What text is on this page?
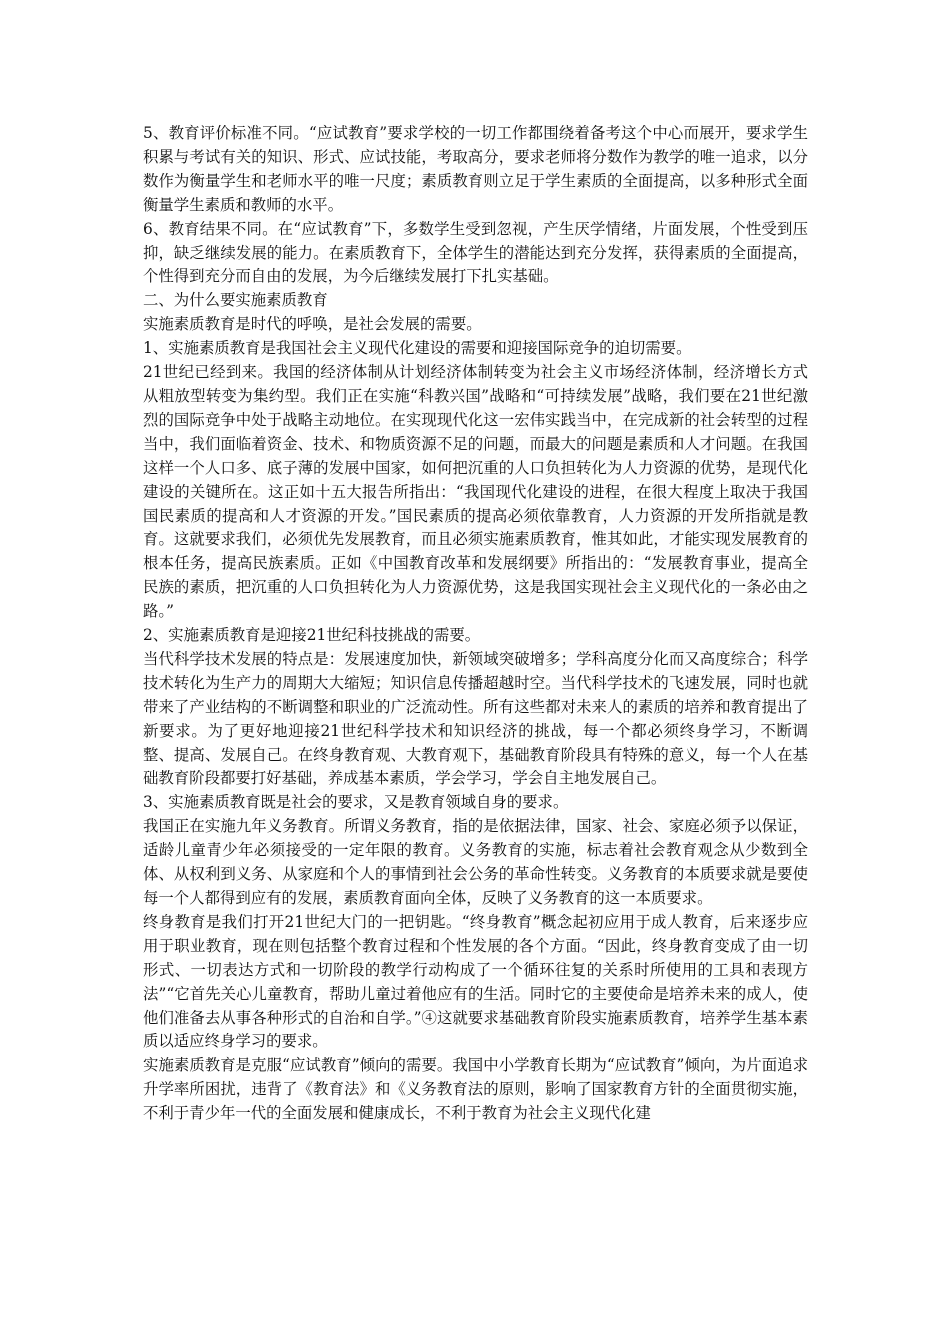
5、教育评价标准不同。“应试教育”要求学校的一切工作都围绕着备考这个中心而展开，要求学生积累与考试有关的知识、形式、应试技能，考取高分，要求老师将分数作为教学的唯一追求，以分数作为衡量学生和老师水平的唯一尺度；素质教育则立足于学生素质的全面提高，以多种形式全面衡量学生素质和教师的水平。

6、教育结果不同。在“应试教育”下，多数学生受到忽视，产生厌学情绪，片面发展，个性受到压抑，缺乏继续发展的能力。在素质教育下，全体学生的潜能达到充分发挥，获得素质的全面提高，个性得到充分而自由的发展，为今后继续发展打下扎实基础。

二、为什么要实施素质教育

实施素质教育是时代的呼唤，是社会发展的需要。

1、实施素质教育是我国社会主义现代化建设的需要和迎接国际竞争的迫切需要。

21世纪已经到来。我国的经济体制从计划经济体制转变为社会主义市场经济体制，经济增长方式从粗放型转变为集约型。我们正在实施“科教兴国”战略和“可持续发展”战略，我们要在21世纪激烈的国际竞争中处于战略主动地位。在实现现代化这一宏伟实践当中，在完成新的社会转型的过程当中，我们面临着资金、技术、和物质资源不足的问题，而最大的问题是素质和人才问题。在我国这样一个人口多、底子薄的发展中国家，如何把沉重的人口负担转化为人力资源的优势，是现代化建设的关键所在。这正如十五大报告所指出：“我国现代化建设的进程，在很大程度上取决于我国国民素质的提高和人才资源的开发。”国民素质的提高必须依靠教育，人力资源的开发所指就是教育。这就要求我们，必须优先发展教育，而且必须实施素质教育，惟其如此，才能实现发展教育的根本任务，提高民族素质。正如《中国教育改革和发展纲要》所指出的：“发展教育事业，提高全民族的素质，把沉重的人口负担转化为人力资源优势，这是我国实现社会主义现代化的一条必由之路。”

2、实施素质教育是迎接21世纪科技挑战的需要。

当代科学技术发展的特点是：发展速度加快，新领域突破增多；学科高度分化而又高度综合；科学技术转化为生产力的周期大大缩短；知识信息传播超越时空。当代科学技术的飞速发展，同时也就带来了产业结构的不断调整和职业的广泛流动性。所有这些都对未来人的素质的培养和教育提出了新要求。为了更好地迎接21世纪科学技术和知识经济的挑战，每一个都必须终身学习，不断调整、提高、发展自己。在终身教育观、大教育观下，基础教育阶段具有特殊的意义，每一个人在基础教育阶段都要打好基础，养成基本素质，学会学习，学会自主地发展自己。

3、实施素质教育既是社会的要求，又是教育领域自身的要求。

我国正在实施九年义务教育。所谓义务教育，指的是依据法律，国家、社会、家庭必须予以保证，适龄儿童青少年必须接受的一定年限的教育。义务教育的实施，标志着社会教育观念从少数到全体、从权利到义务、从家庭和个人的事情到社会公务的革命性转变。义务教育的本质要求就是要使每一个人都得到应有的发展，素质教育面向全体，反映了义务教育的这一本质要求。

终身教育是我们打开21世纪大门的一把钥匙。“终身教育”概念起初应用于成人教育，后来逐步应用于职业教育，现在则包括整个教育过程和个性发展的各个方面。“因此，终身教育变成了由一切形式、一切表达方式和一切阶段的教学行动构成了一个循环往复的关系时所使用的工具和表现方法”“它首先关心儿童教育，帮助儿童过着他应有的生活。同时它的主要使命是培养未来的成人，使他们准备去从事各种形式的自治和自学。”④这就要求基础教育阶段实施素质教育，培养学生基本素质以适应终身学习的要求。

实施素质教育是克服“应试教育”倾向的需要。我国中小学教育长期为“应试教育”倾向，为片面追求升学率所困扰，违背了《教育法》和《义务教育法的原则，影响了国家教育方针的全面贯彻实施，不利于青少年一代的全面发展和健康成长，不利于教育为社会主义现代化建
